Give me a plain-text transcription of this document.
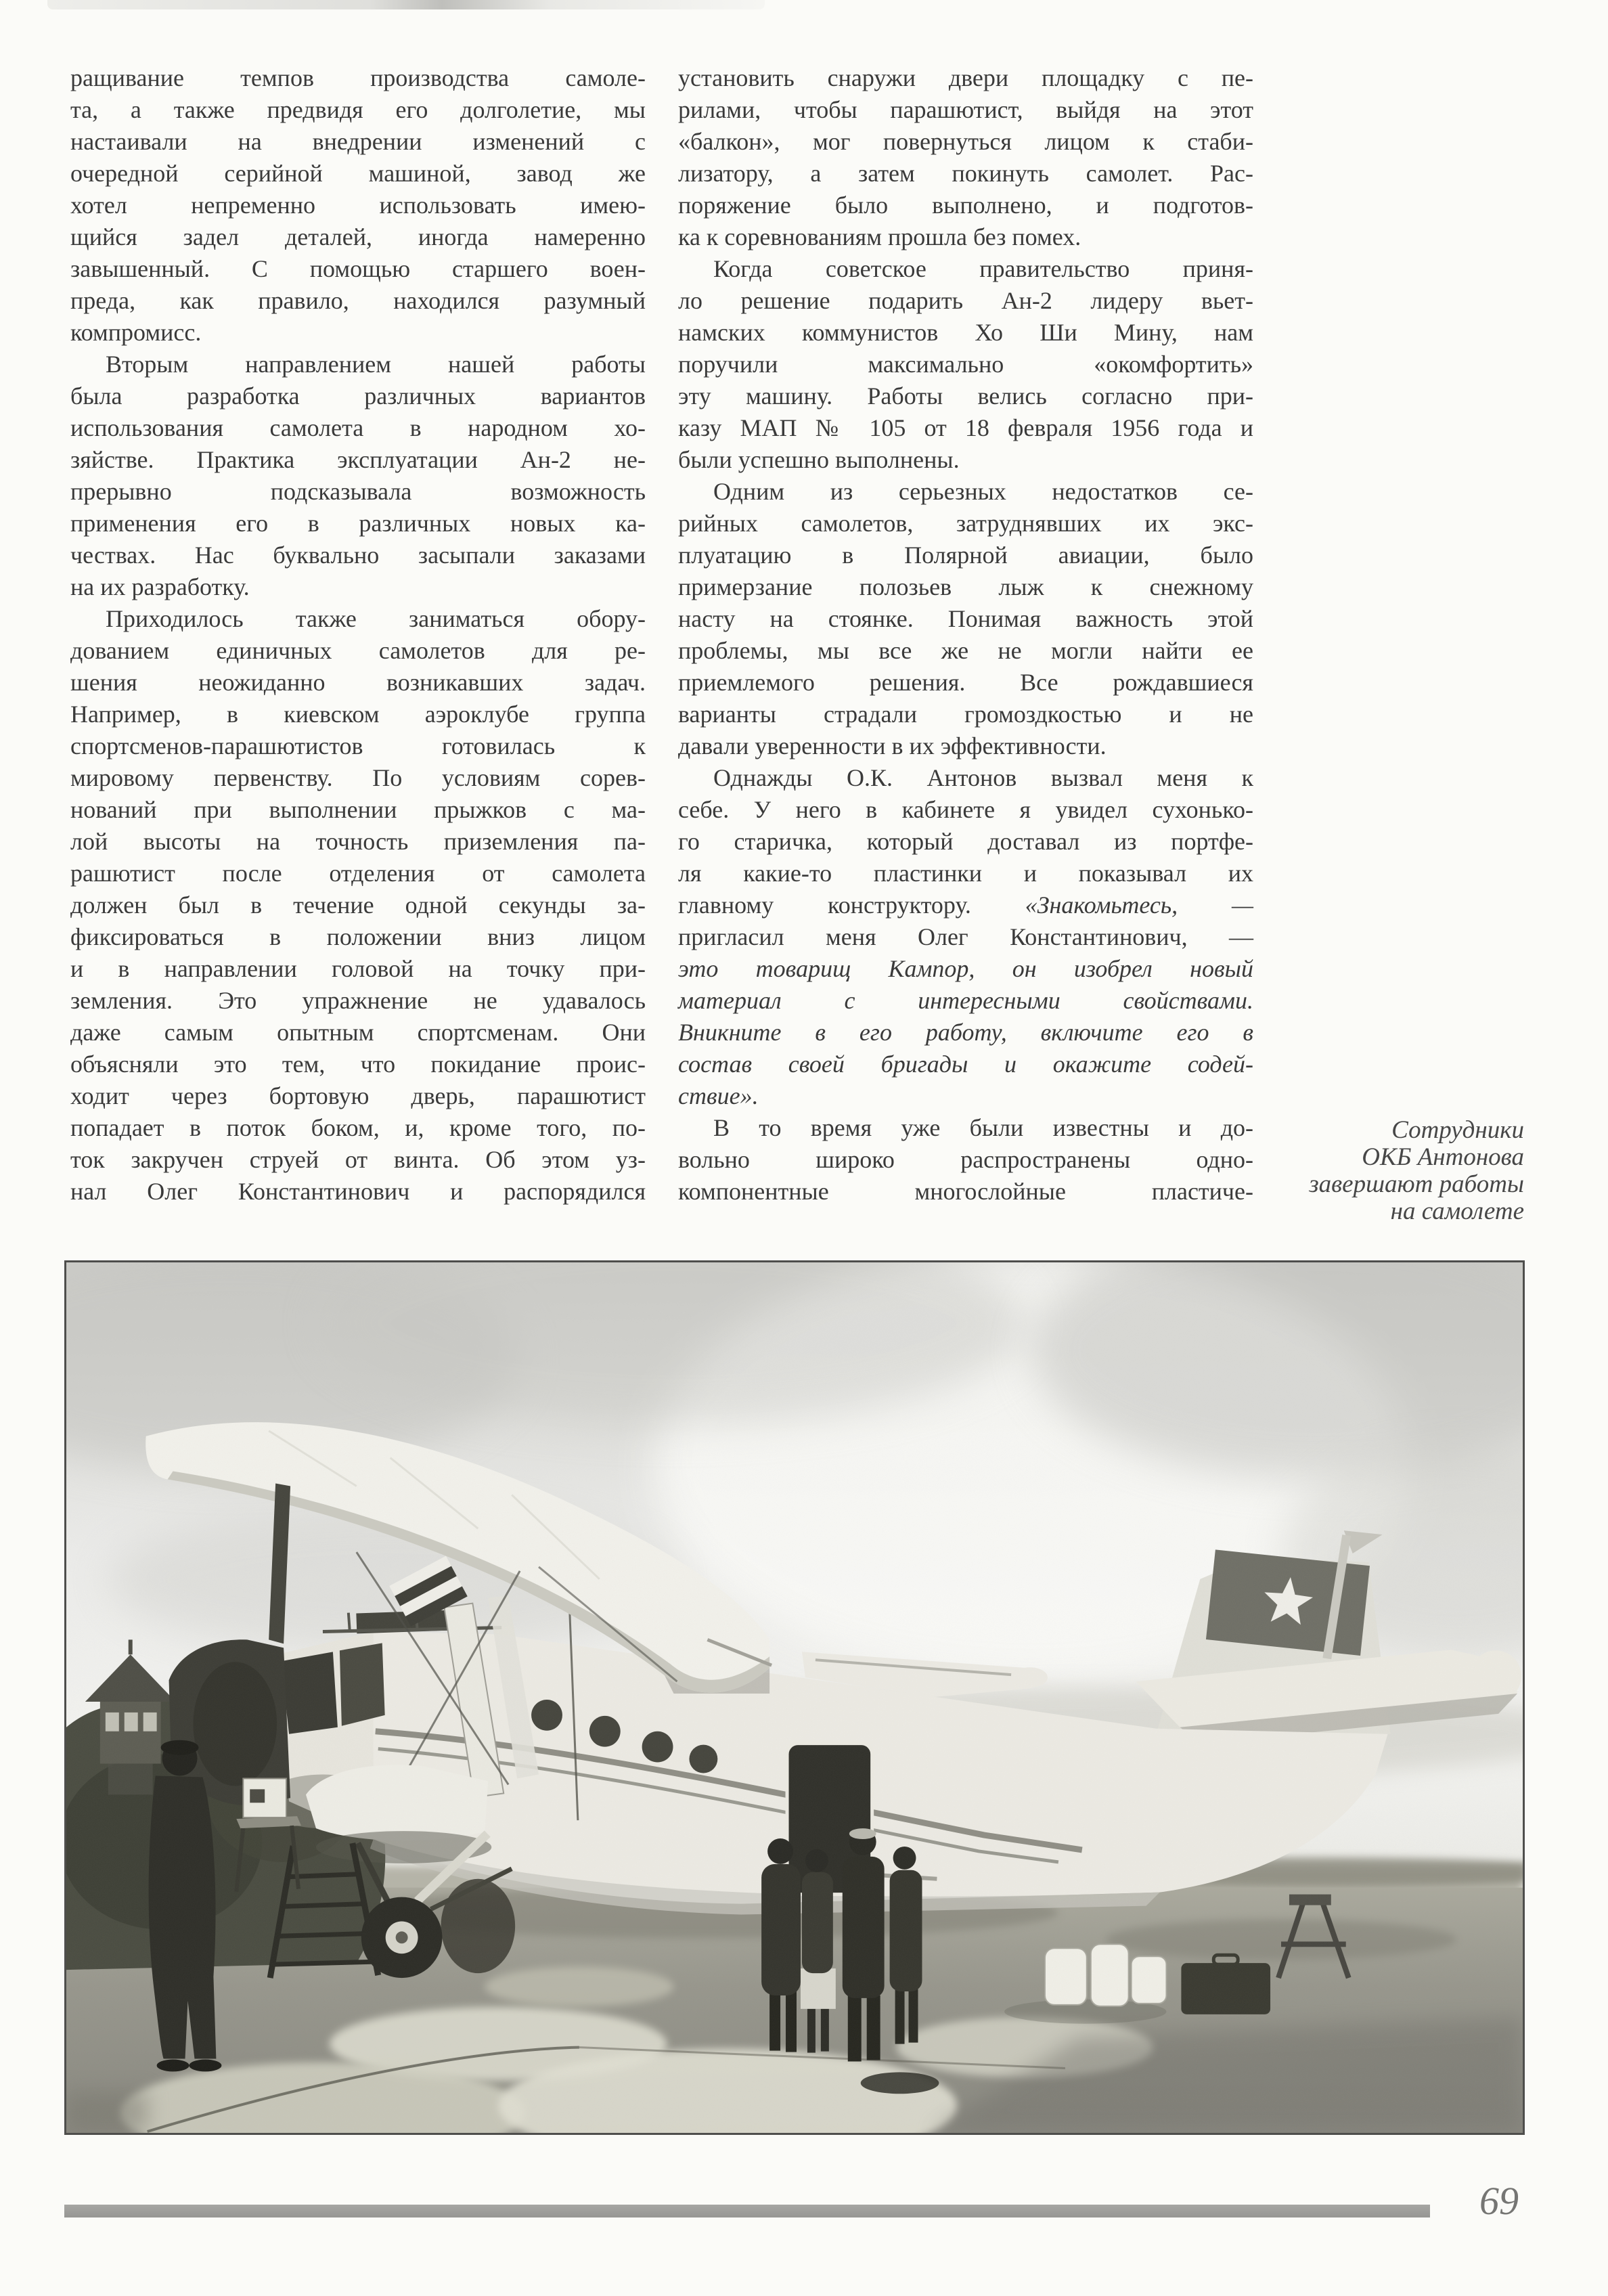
ращивание темпов производства самоле-
та, а также предвидя его долголетие, мы
настаивали на внедрении изменений с
очередной серийной машиной, завод же
хотел непременно использовать имею-
щийся задел деталей, иногда намеренно
завышенный. С помощью старшего воен-
преда, как правило, находился разумный
компромисс.
Вторым направлением нашей работы
была разработка различных вариантов
использования самолета в народном хо-
зяйстве. Практика эксплуатации Ан-2 не-
прерывно подсказывала возможность
применения его в различных новых ка-
чествах. Нас буквально засыпали заказами
на их разработку.
Приходилось также заниматься обору-
дованием единичных самолетов для ре-
шения неожиданно возникавших задач.
Например, в киевском аэроклубе группа
спортсменов-парашютистов готовилась к
мировому первенству. По условиям сорев-
нований при выполнении прыжков с ма-
лой высоты на точность приземления па-
рашютист после отделения от самолета
должен был в течение одной секунды за-
фиксироваться в положении вниз лицом
и в направлении головой на точку при-
земления. Это упражнение не удавалось
даже самым опытным спортсменам. Они
объясняли это тем, что покидание проис-
ходит через бортовую дверь, парашютист
попадает в поток боком, и, кроме того, по-
ток закручен струей от винта. Об этом уз-
нал Олег Константинович и распорядился
установить снаружи двери площадку с пе-
рилами, чтобы парашютист, выйдя на этот
«балкон», мог повернуться лицом к стаби-
лизатору, а затем покинуть самолет. Рас-
поряжение было выполнено, и подготов-
ка к соревнованиям прошла без помех.
Когда советское правительство приня-
ло решение подарить Ан-2 лидеру вьет-
намских коммунистов Хо Ши Мину, нам
поручили максимально «окомфортить»
эту машину. Работы велись согласно при-
казу МАП № 105 от 18 февраля 1956 года и
были успешно выполнены.
Одним из серьезных недостатков се-
рийных самолетов, затруднявших их экс-
плуатацию в Полярной авиации, было
примерзание полозьев лыж к снежному
насту на стоянке. Понимая важность этой
проблемы, мы все же не могли найти ее
приемлемого решения. Все рождавшиеся
варианты страдали громоздкостью и не
давали уверенности в их эффективности.
Однажды О.К. Антонов вызвал меня к
себе. У него в кабинете я увидел сухонько-
го старичка, который доставал из портфе-
ля какие-то пластинки и показывал их
главному конструктору. «Знакомьтесь, —
пригласил меня Олег Константинович, —
это товарищ Кампор, он изобрел новый
материал с интересными свойствами.
Вникните в его работу, включите его в
состав своей бригады и окажите содей-
ствие».
В то время уже были известны и до-
вольно широко распространены одно-
компонентные многослойные пластиче-
Сотрудники
ОКБ Антонова
завершают работы
на самолете
69
